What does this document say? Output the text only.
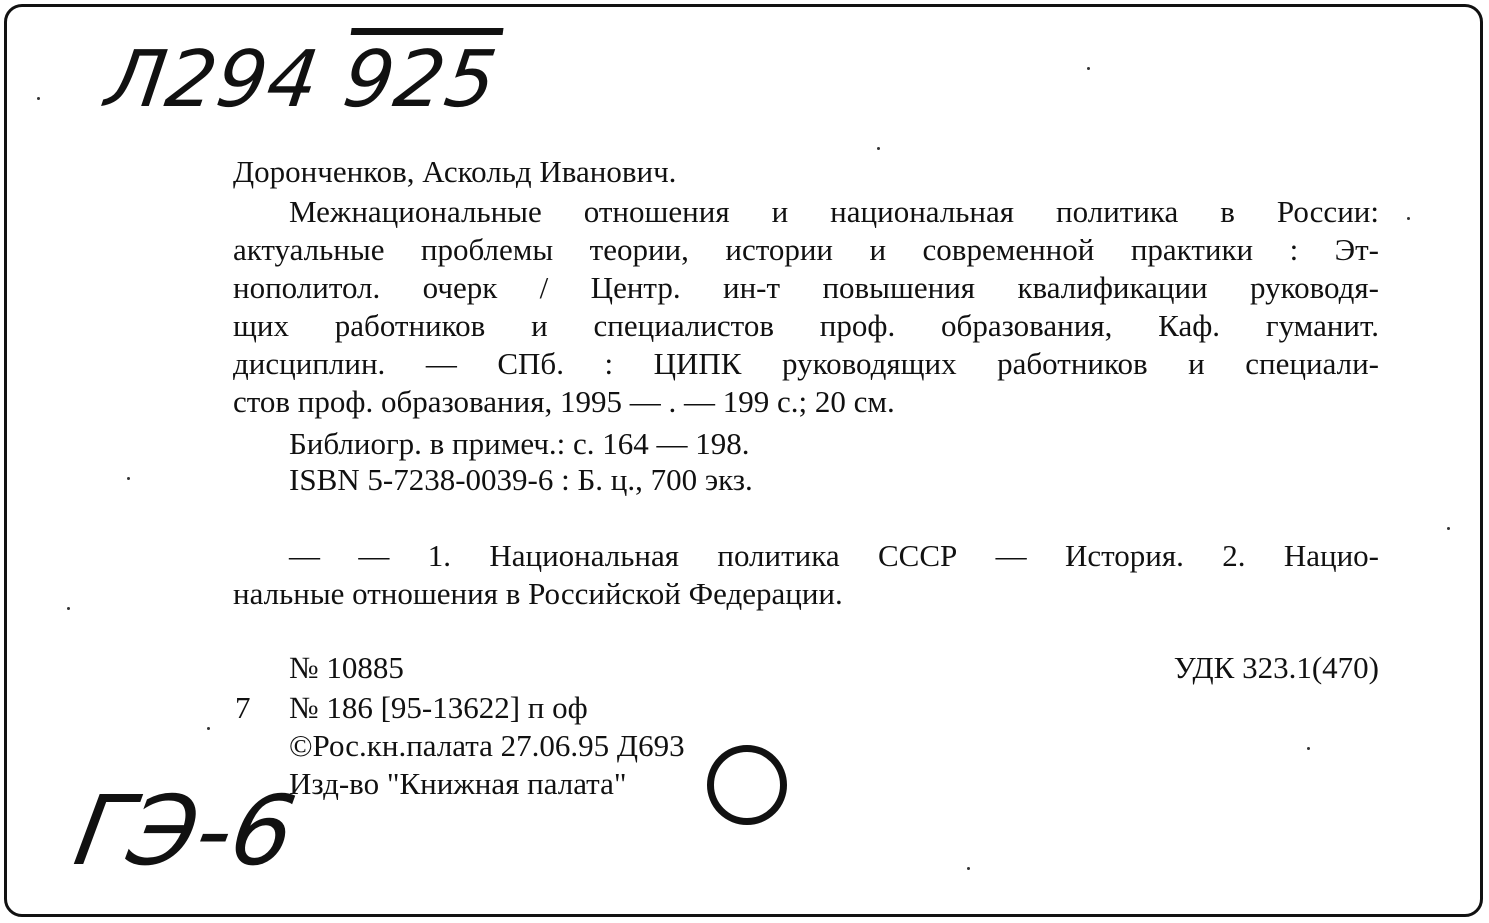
Л294 925
Доронченков, Аскольд Иванович.
Межнациональные отношения и национальная политика в России:
актуальные проблемы теории, истории и современной практики : Эт-
нополитол. очерк / Центр. ин-т повышения квалификации руководя-
щих работников и специалистов проф. образования, Каф. гуманит.
дисциплин. — СПб. : ЦИПК руководящих работников и специали-
стов проф. образования, 1995 — . — 199 с.; 20 см.
Библиогр. в примеч.: с. 164 — 198.
ISBN 5-7238-0039-6 : Б. ц., 700 экз.
— — 1. Национальная политика СССР — История. 2. Нацио-
нальные отношения в Российской Федерации.
№ 10885	УДК 323.1(470)
7 № 186 [95-13622] п оф
©Рос.кн.палата 27.06.95 Д693
Изд-во "Книжная палата"
ГЭ-6
